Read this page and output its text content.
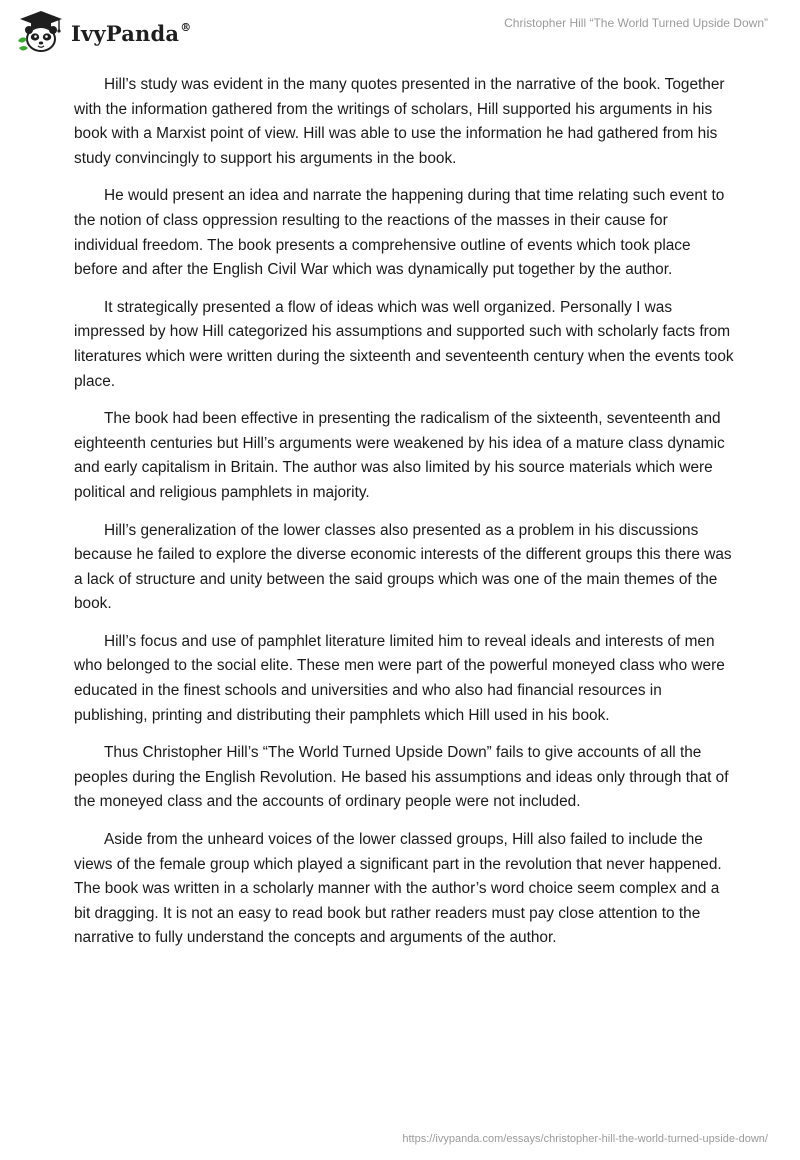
IvyPanda®	Christopher Hill “The World Turned Upside Down”

Hill’s study was evident in the many quotes presented in the narrative of the book. Together with the information gathered from the writings of scholars, Hill supported his arguments in his book with a Marxist point of view. Hill was able to use the information he had gathered from his study convincingly to support his arguments in the book.

He would present an idea and narrate the happening during that time relating such event to the notion of class oppression resulting to the reactions of the masses in their cause for individual freedom. The book presents a comprehensive outline of events which took place before and after the English Civil War which was dynamically put together by the author.

It strategically presented a flow of ideas which was well organized. Personally I was impressed by how Hill categorized his assumptions and supported such with scholarly facts from literatures which were written during the sixteenth and seventeenth century when the events took place.

The book had been effective in presenting the radicalism of the sixteenth, seventeenth and eighteenth centuries but Hill’s arguments were weakened by his idea of a mature class dynamic and early capitalism in Britain. The author was also limited by his source materials which were political and religious pamphlets in majority.

Hill’s generalization of the lower classes also presented as a problem in his discussions because he failed to explore the diverse economic interests of the different groups this there was a lack of structure and unity between the said groups which was one of the main themes of the book.

Hill’s focus and use of pamphlet literature limited him to reveal ideals and interests of men who belonged to the social elite. These men were part of the powerful moneyed class who were educated in the finest schools and universities and who also had financial resources in publishing, printing and distributing their pamphlets which Hill used in his book.

Thus Christopher Hill’s “The World Turned Upside Down” fails to give accounts of all the peoples during the English Revolution. He based his assumptions and ideas only through that of the moneyed class and the accounts of ordinary people were not included.

Aside from the unheard voices of the lower classed groups, Hill also failed to include the views of the female group which played a significant part in the revolution that never happened. The book was written in a scholarly manner with the author’s word choice seem complex and a bit dragging. It is not an easy to read book but rather readers must pay close attention to the narrative to fully understand the concepts and arguments of the author.

https://ivypanda.com/essays/christopher-hill-the-world-turned-upside-down/
